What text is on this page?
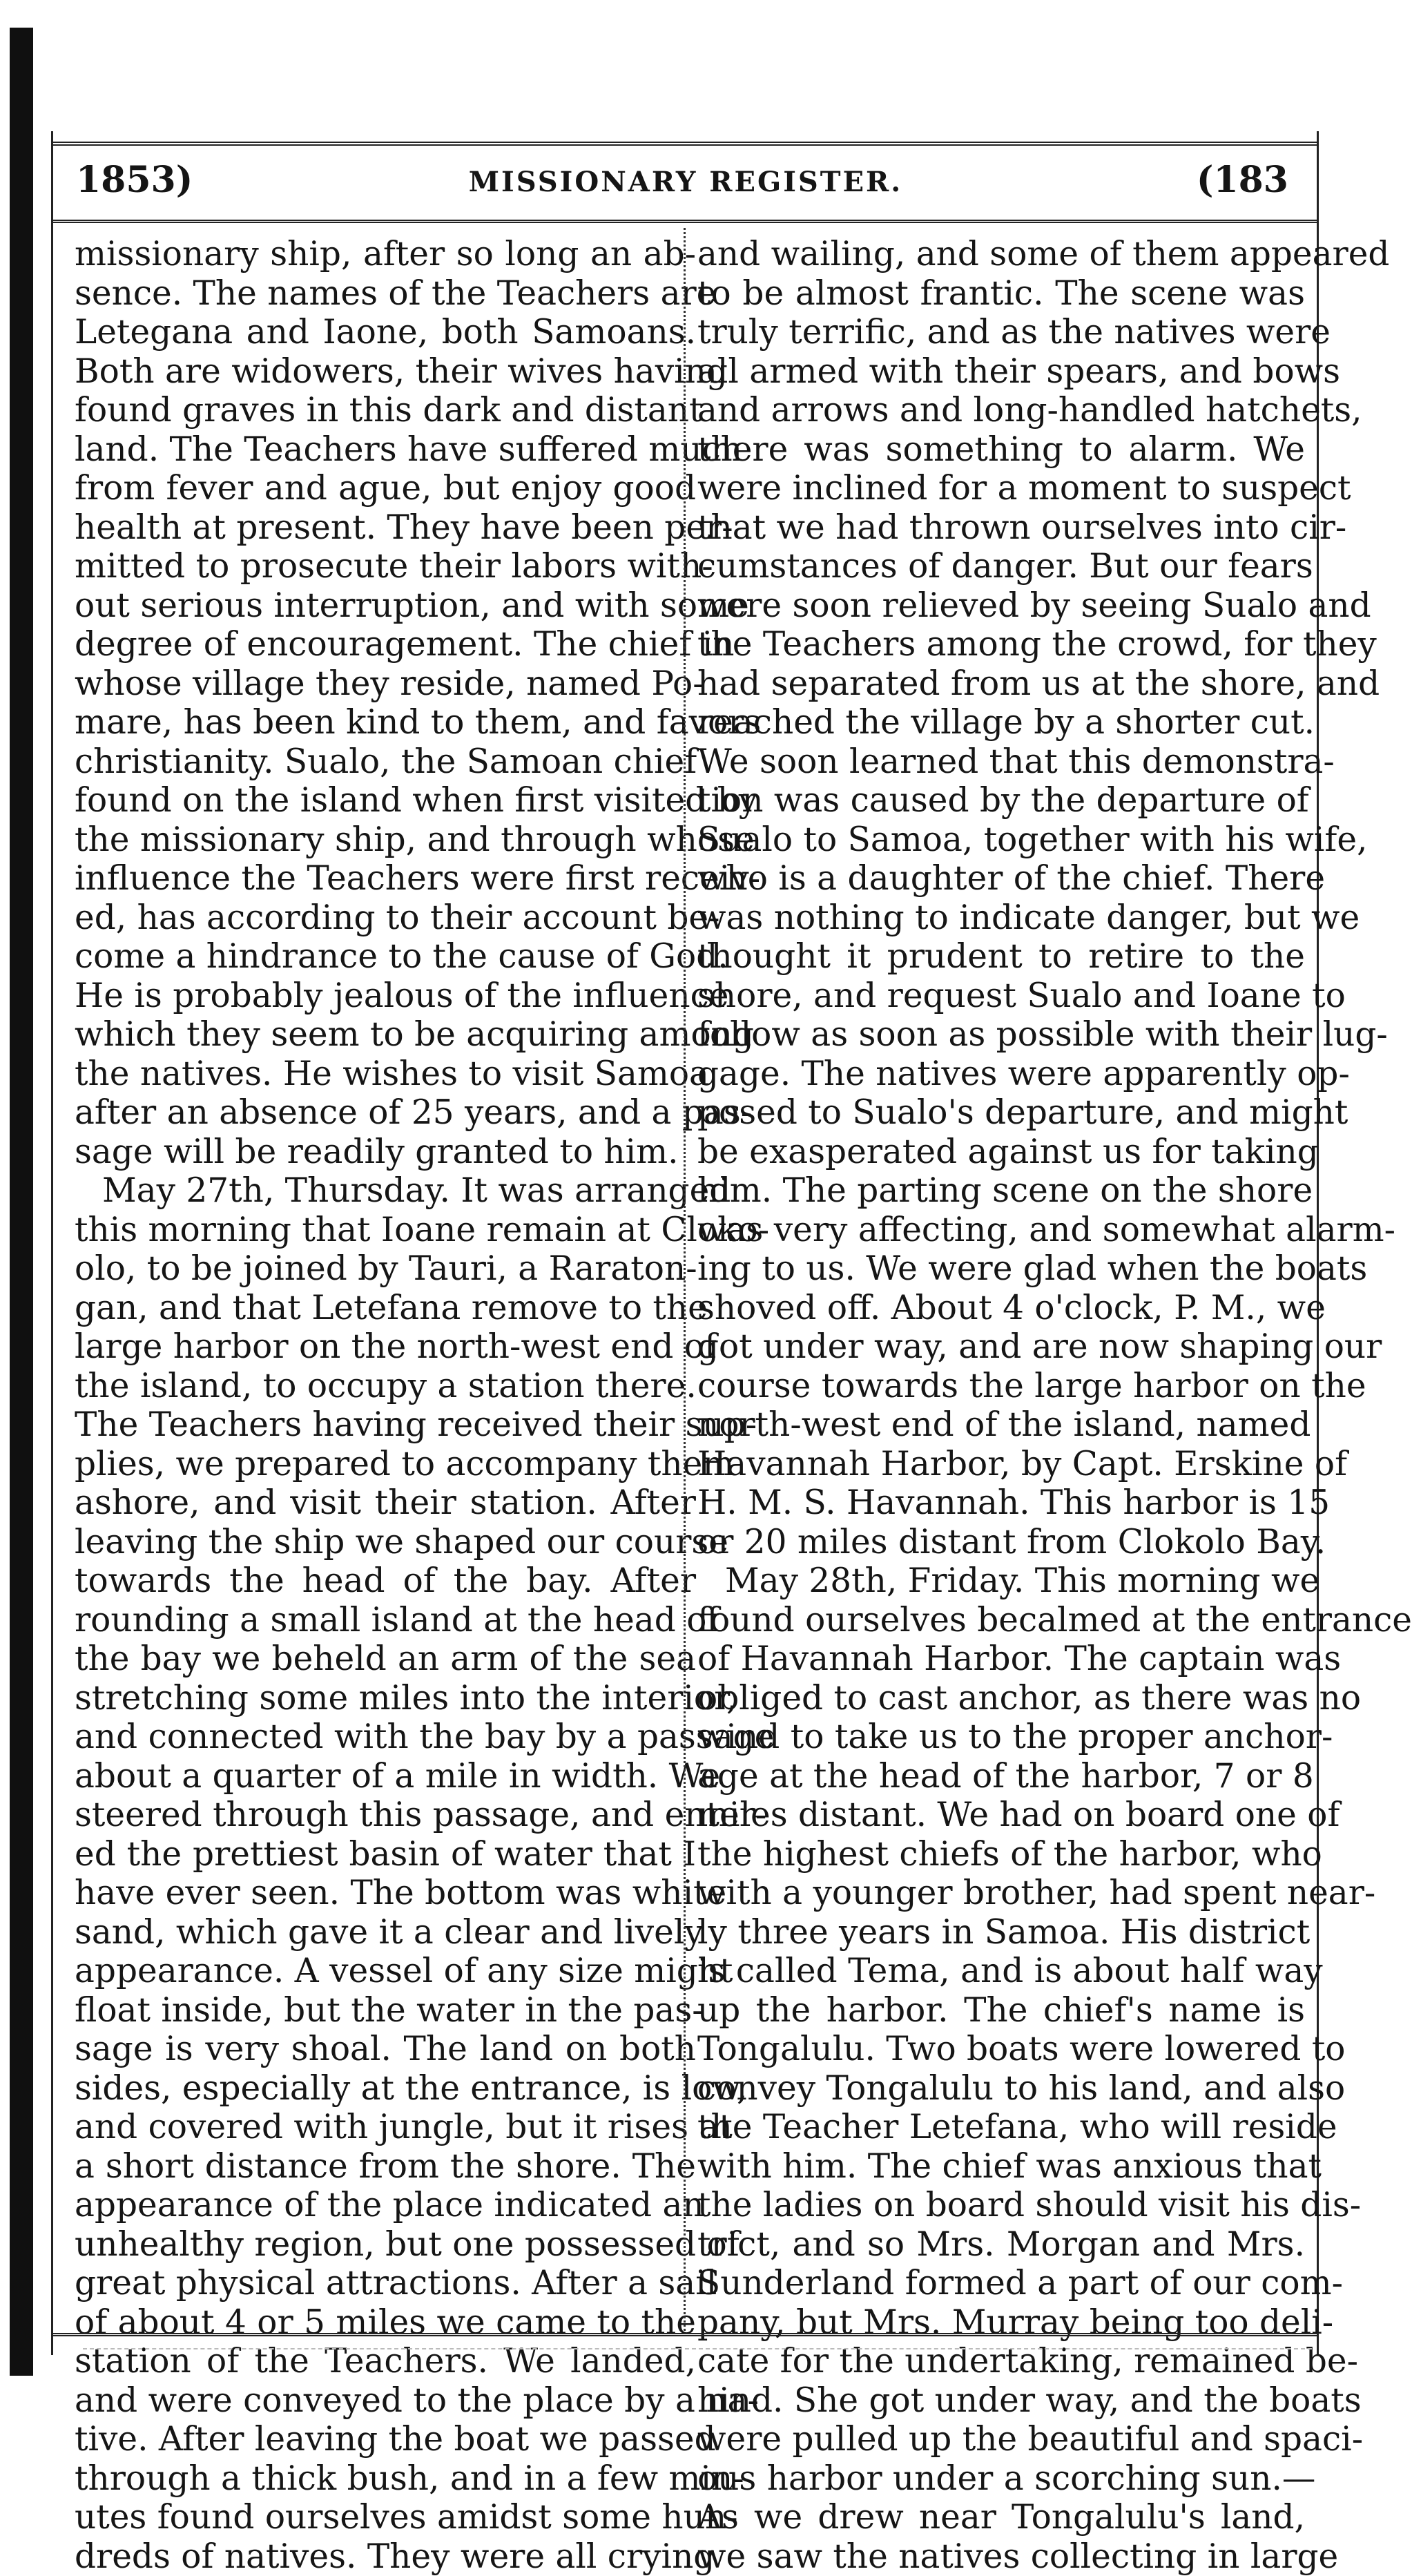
1853)	MISSIONARY REGISTER.	(183
missionary ship, after so long an ab-
sence. The names of the Teachers are
Letegana and Iaone, both Samoans.
Both are widowers, their wives having
found graves in this dark and distant
land. The Teachers have suffered much
from fever and ague, but enjoy good
health at present. They have been per-
mitted to prosecute their labors with-
out serious interruption, and with some
degree of encouragement. The chief in
whose village they reside, named Po-
mare, has been kind to them, and favors
christianity. Sualo, the Samoan chief
found on the island when first visited by
the missionary ship, and through whose
influence the Teachers were first receiv-
ed, has according to their account be-
come a hindrance to the cause of God.
He is probably jealous of the influence
which they seem to be acquiring among
the natives. He wishes to visit Samoa
after an absence of 25 years, and a pas-
sage will be readily granted to him.
May 27th, Thursday. It was arranged
this morning that Ioane remain at Cloko-
olo, to be joined by Tauri, a Raraton-
gan, and that Letefana remove to the
large harbor on the north-west end of
the island, to occupy a station there.
The Teachers having received their sup-
plies, we prepared to accompany them
ashore, and visit their station. After
leaving the ship we shaped our course
towards the head of the bay. After
rounding a small island at the head of
the bay we beheld an arm of the sea
stretching some miles into the interior,
and connected with the bay by a passage
about a quarter of a mile in width. We
steered through this passage, and enter-
ed the prettiest basin of water that I
have ever seen. The bottom was white
sand, which gave it a clear and lively
appearance. A vessel of any size might
float inside, but the water in the pas-
sage is very shoal. The land on both
sides, especially at the entrance, is low,
and covered with jungle, but it rises at
a short distance from the shore. The
appearance of the place indicated an
unhealthy region, but one possessed of
great physical attractions. After a sail
of about 4 or 5 miles we came to the
station of the Teachers. We landed,
and were conveyed to the place by a na-
tive. After leaving the boat we passed
through a thick bush, and in a few min-
utes found ourselves amidst some hun-
dreds of natives. They were all crying
and wailing, and some of them appeared
to be almost frantic. The scene was
truly terrific, and as the natives were
all armed with their spears, and bows
and arrows and long-handled hatchets,
there was something to alarm. We
were inclined for a moment to suspect
that we had thrown ourselves into cir-
cumstances of danger. But our fears
were soon relieved by seeing Sualo and
the Teachers among the crowd, for they
had separated from us at the shore, and
reached the village by a shorter cut.
We soon learned that this demonstra-
tion was caused by the departure of
Sualo to Samoa, together with his wife,
who is a daughter of the chief. There
was nothing to indicate danger, but we
thought it prudent to retire to the
shore, and request Sualo and Ioane to
follow as soon as possible with their lug-
gage. The natives were apparently op-
posed to Sualo's departure, and might
be exasperated against us for taking
him. The parting scene on the shore
was very affecting, and somewhat alarm-
ing to us. We were glad when the boats
shoved off. About 4 o'clock, P. M., we
got under way, and are now shaping our
course towards the large harbor on the
north-west end of the island, named
Havannah Harbor, by Capt. Erskine of
H. M. S. Havannah. This harbor is 15
or 20 miles distant from Clokolo Bay.
May 28th, Friday. This morning we
found ourselves becalmed at the entrance
of Havannah Harbor. The captain was
obliged to cast anchor, as there was no
wind to take us to the proper anchor-
age at the head of the harbor, 7 or 8
miles distant. We had on board one of
the highest chiefs of the harbor, who
with a younger brother, had spent near-
ly three years in Samoa. His district
is called Tema, and is about half way
up the harbor. The chief's name is
Tongalulu. Two boats were lowered to
convey Tongalulu to his land, and also
the Teacher Letefana, who will reside
with him. The chief was anxious that
the ladies on board should visit his dis-
trict, and so Mrs. Morgan and Mrs.
Sunderland formed a part of our com-
pany, but Mrs. Murray being too deli-
cate for the undertaking, remained be-
hind. She got under way, and the boats
were pulled up the beautiful and spaci-
ous harbor under a scorching sun.—
As we drew near Tongalulu's land,
we saw the natives collecting in large
